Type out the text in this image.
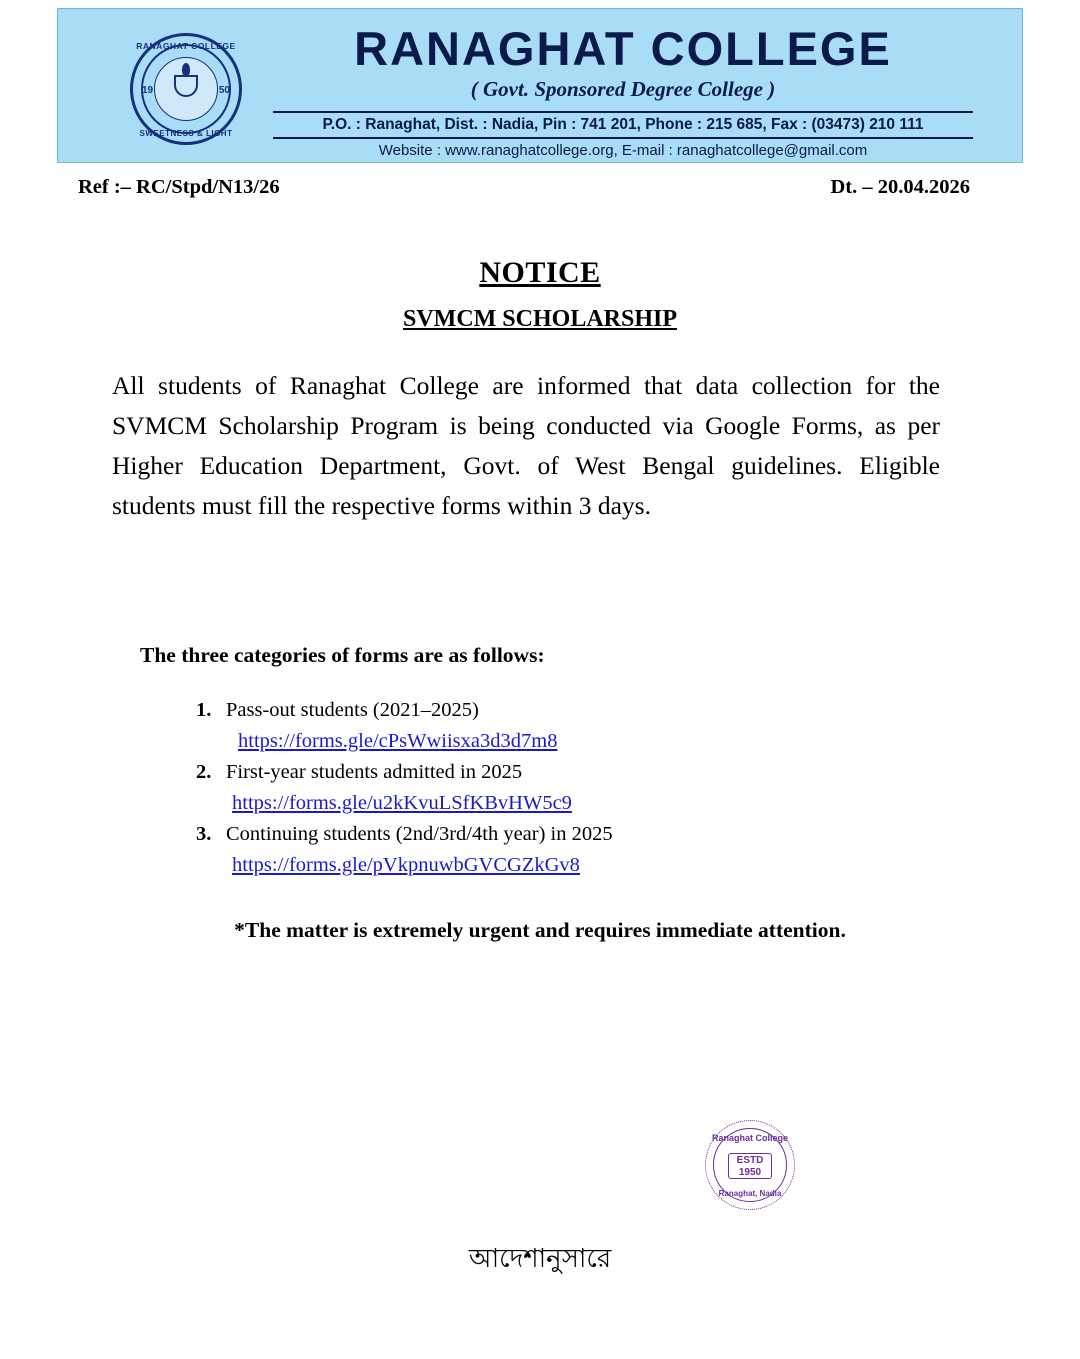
RANAGHAT COLLEGE
SWEETNESS & LIGHT
19	50
RANAGHAT COLLEGE
( Govt. Sponsored Degree College )
P.O. : Ranaghat, Dist. : Nadia, Pin : 741 201, Phone : 215 685, Fax : (03473) 210 111
Website : www.ranaghatcollege.org, E-mail : ranaghatcollege@gmail.com
Ref :– RC/Stpd/N13/26	Dt. – 20.04.2026
NOTICE
SVMCM SCHOLARSHIP
All students of Ranaghat College are informed that data collection for the SVMCM Scholarship Program is being conducted via Google Forms, as per Higher Education Department, Govt. of West Bengal guidelines. Eligible students must fill the respective forms within 3 days.
The three categories of forms are as follows:
1. Pass-out students (2021–2025)
https://forms.gle/cPsWwiisxa3d3d7m8
2. First-year students admitted in 2025
https://forms.gle/u2kKvuLSfKBvHW5c9
3. Continuing students (2nd/3rd/4th year) in 2025
https://forms.gle/pVkpnuwbGVCGZkGv8
*The matter is extremely urgent and requires immediate attention.
Ranaghat College
ESTD
1950
Ranaghat, Nadia
আদেশানুসারে
